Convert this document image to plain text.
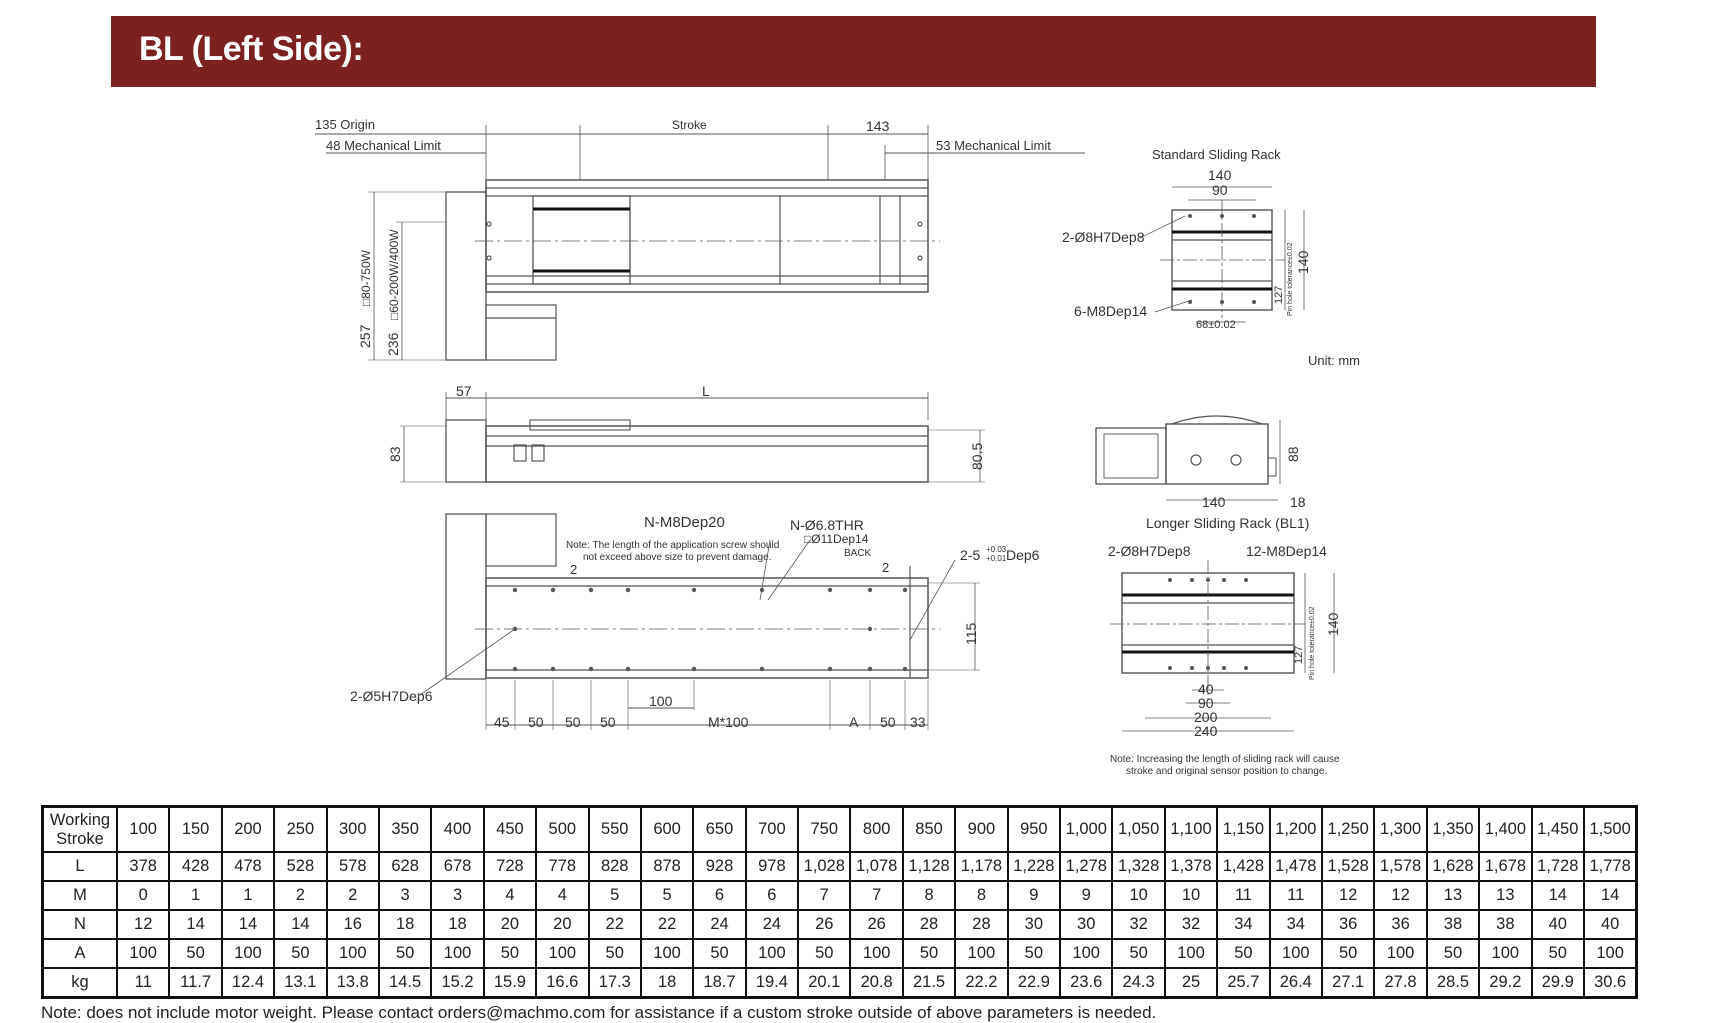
BL (Left Side):
135 Origin
48 Mechanical Limit
Stroke	143
53 Mechanical Limit
257 236
□80-750W □60-200W/400W
57	L
83	80.5
N-M8Dep20	N-Ø6.8THR
□Ø11Dep14
BACK
Note: The length of the application screw should
not exceed above size to prevent damage.
2	2
2-5 +0.03
+0.01 Dep6
115
2-Ø5H7Dep6	100
45 50 50 50	M*100	A 50 33
Standard Sliding Rack
140
90
2-Ø8H7Dep8
6-M8Dep14
68±0.02
140
127 Pin hole tolerance±0.02
Unit: mm
140	18
88
Longer Sliding Rack (BL1)
2-Ø8H7Dep8	12-M8Dep14
40
90
200
240
140
127 Pin hole tolerance±0.02
Note: Increasing the length of sliding rack will cause
stroke and original sensor position to change.
Working
Stroke	100	150	200	250	300	350	400	450	500	550	600	650	700	750	800	850	900	950	1,000	1,050	1,100	1,150	1,200	1,250	1,300	1,350	1,400	1,450	1,500
L	378	428	478	528	578	628	678	728	778	828	878	928	978	1,028	1,078	1,128	1,178	1,228	1,278	1,328	1,378	1,428	1,478	1,528	1,578	1,628	1,678	1,728	1,778
M	0	1	1	2	2	3	3	4	4	5	5	6	6	7	7	8	8	9	9	10	10	11	11	12	12	13	13	14	14
N	12	14	14	14	16	18	18	20	20	22	22	24	24	26	26	28	28	30	30	32	32	34	34	36	36	38	38	40	40
A	100	50	100	50	100	50	100	50	100	50	100	50	100	50	100	50	100	50	100	50	100	50	100	50	100	50	100	50	100
kg	11	11.7	12.4	13.1	13.8	14.5	15.2	15.9	16.6	17.3	18	18.7	19.4	20.1	20.8	21.5	22.2	22.9	23.6	24.3	25	25.7	26.4	27.1	27.8	28.5	29.2	29.9	30.6
Note: does not include motor weight. Please contact orders@machmo.com for assistance if a custom stroke outside of above parameters is needed.
